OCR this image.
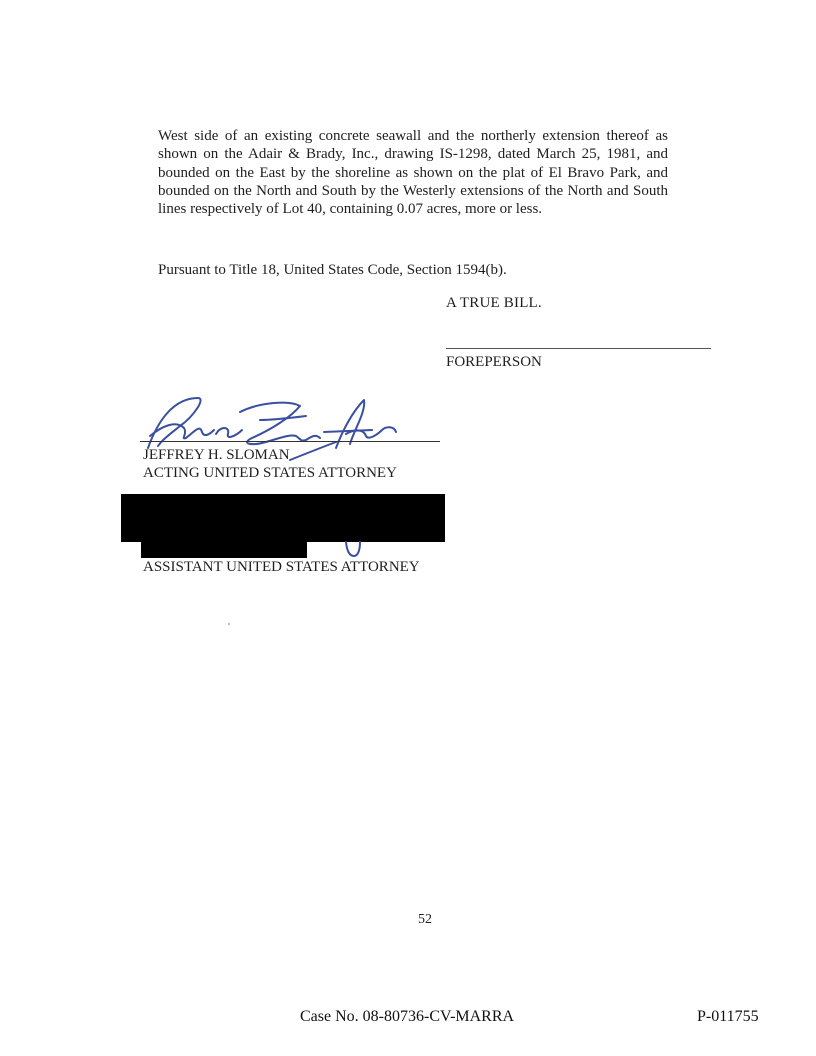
West side of an existing concrete seawall and the northerly extension thereof as shown on the Adair & Brady, Inc., drawing IS-1298, dated March 25, 1981, and bounded on the East by the shoreline as shown on the plat of El Bravo Park, and bounded on the North and South by the Westerly extensions of the North and South lines respectively of Lot 40, containing 0.07 acres, more or less.

Pursuant to Title 18, United States Code, Section 1594(b).

A TRUE BILL.
FOREPERSON
JEFFREY H. SLOMAN
ACTING UNITED STATES ATTORNEY
ASSISTANT UNITED STATES ATTORNEY
52
Case No. 08-80736-CV-MARRA	P-011755
